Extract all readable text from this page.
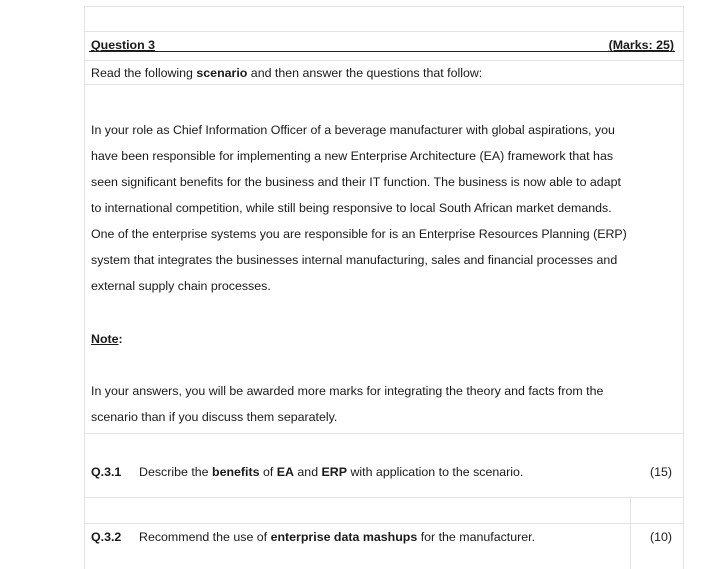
Question 3	(Marks: 25)
Read the following scenario and then answer the questions that follow:
In your role as Chief Information Officer of a beverage manufacturer with global aspirations, you
have been responsible for implementing a new Enterprise Architecture (EA) framework that has
seen significant benefits for the business and their IT function. The business is now able to adapt
to international competition, while still being responsive to local South African market demands.
One of the enterprise systems you are responsible for is an Enterprise Resources Planning (ERP)
system that integrates the businesses internal manufacturing, sales and financial processes and
external supply chain processes.
Note:
In your answers, you will be awarded more marks for integrating the theory and facts from the
scenario than if you discuss them separately.
Q.3.1 Describe the benefits of EA and ERP with application to the scenario.	(15)
Q.3.2 Recommend the use of enterprise data mashups for the manufacturer.	(10)
